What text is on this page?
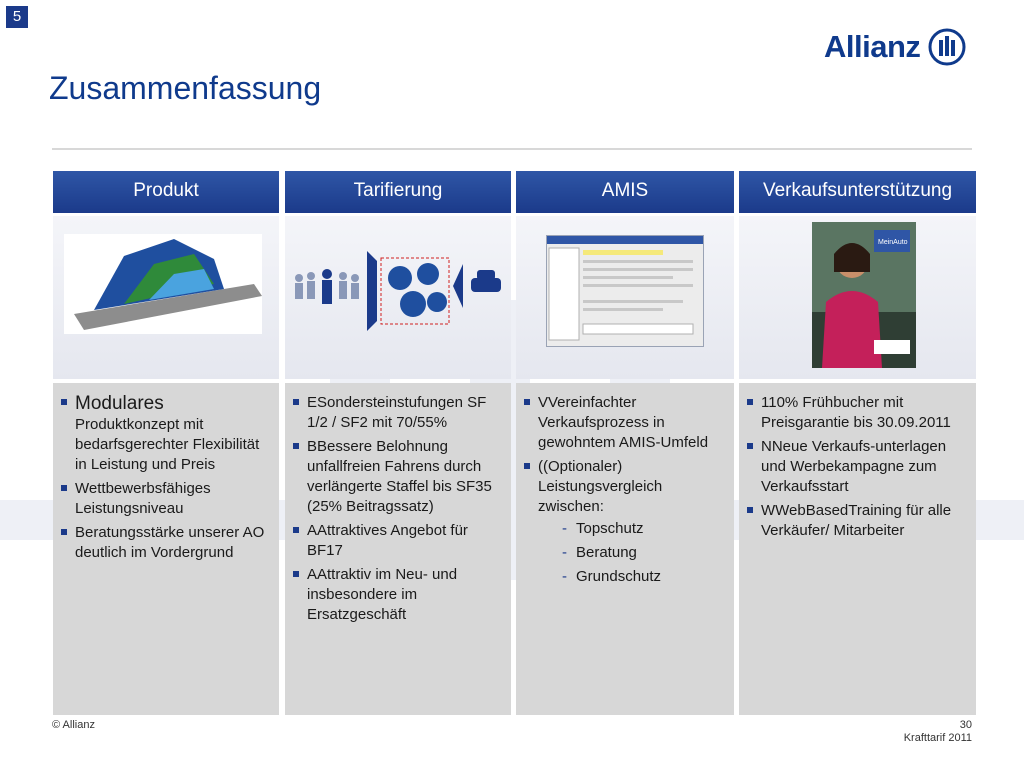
5
Allianz
Zusammenfassung
Produkt
Modulares
Produktkonzept mit bedarfsgerechter Flexibilität in Leistung und Preis
Wettbewerbsfähiges Leistungsniveau
Beratungsstärke unserer AO deutlich im Vordergrund
Tarifierung
ESondersteinstufungen SF 1/2 / SF2 mit 70/55%
BBessere Belohnung unfallfreien Fahrens durch verlängerte Staffel bis SF35 (25% Beitragssatz)
AAttraktives Angebot für BF17
AAttraktiv im Neu- und insbesondere im Ersatzgeschäft
AMIS
VVereinfachter Verkaufsprozess in gewohntem AMIS-Umfeld
((Optionaler) Leistungsvergleich zwischen:
- Topschutz
- Beratung
- Grundschutz
Verkaufsunterstützung
MeinAuto
110% Frühbucher mit Preisgarantie bis 30.09.2011
NNeue Verkaufs-unterlagen und Werbekampagne zum Verkaufsstart
WWebBasedTraining für alle Verkäufer/ Mitarbeiter
© Allianz	30
Krafttarif 2011
